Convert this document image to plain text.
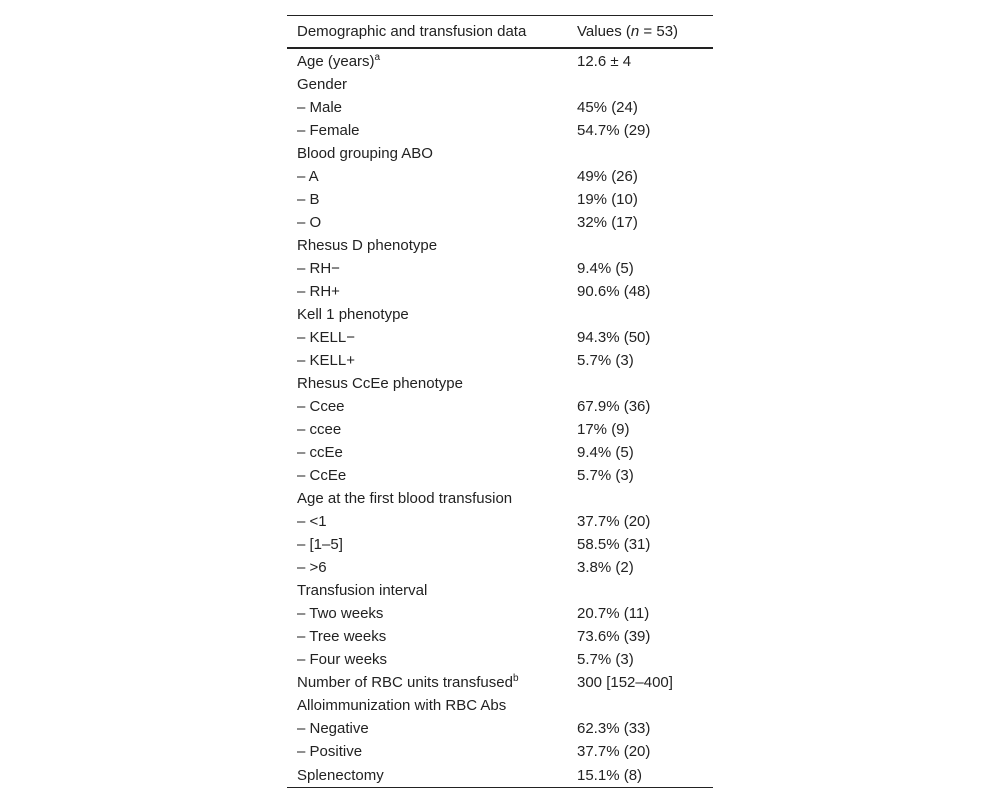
Demographic and transfusion data	Values (n = 53)
Age (years)$^a$	12.6 ± 4
Gender	
– Male	45% (24)
– Female	54.7% (29)
Blood grouping ABO	
– A	49% (26)
– B	19% (10)
– O	32% (17)
Rhesus D phenotype	
– RH−	9.4% (5)
– RH+	90.6% (48)
Kell 1 phenotype	
– KELL−	94.3% (50)
– KELL+	5.7% (3)
Rhesus CcEe phenotype	
– Ccee	67.9% (36)
– ccee	17% (9)
– ccEe	9.4% (5)
– CcEe	5.7% (3)
Age at the first blood transfusion	
– <1	37.7% (20)
– [1–5]	58.5% (31)
– >6	3.8% (2)
Transfusion interval	
– Two weeks	20.7% (11)
– Tree weeks	73.6% (39)
– Four weeks	5.7% (3)
Number of RBC units transfused$^b$	300 [152–400]
Alloimmunization with RBC Abs	
– Negative	62.3% (33)
– Positive	37.7% (20)
Splenectomy	15.1% (8)
